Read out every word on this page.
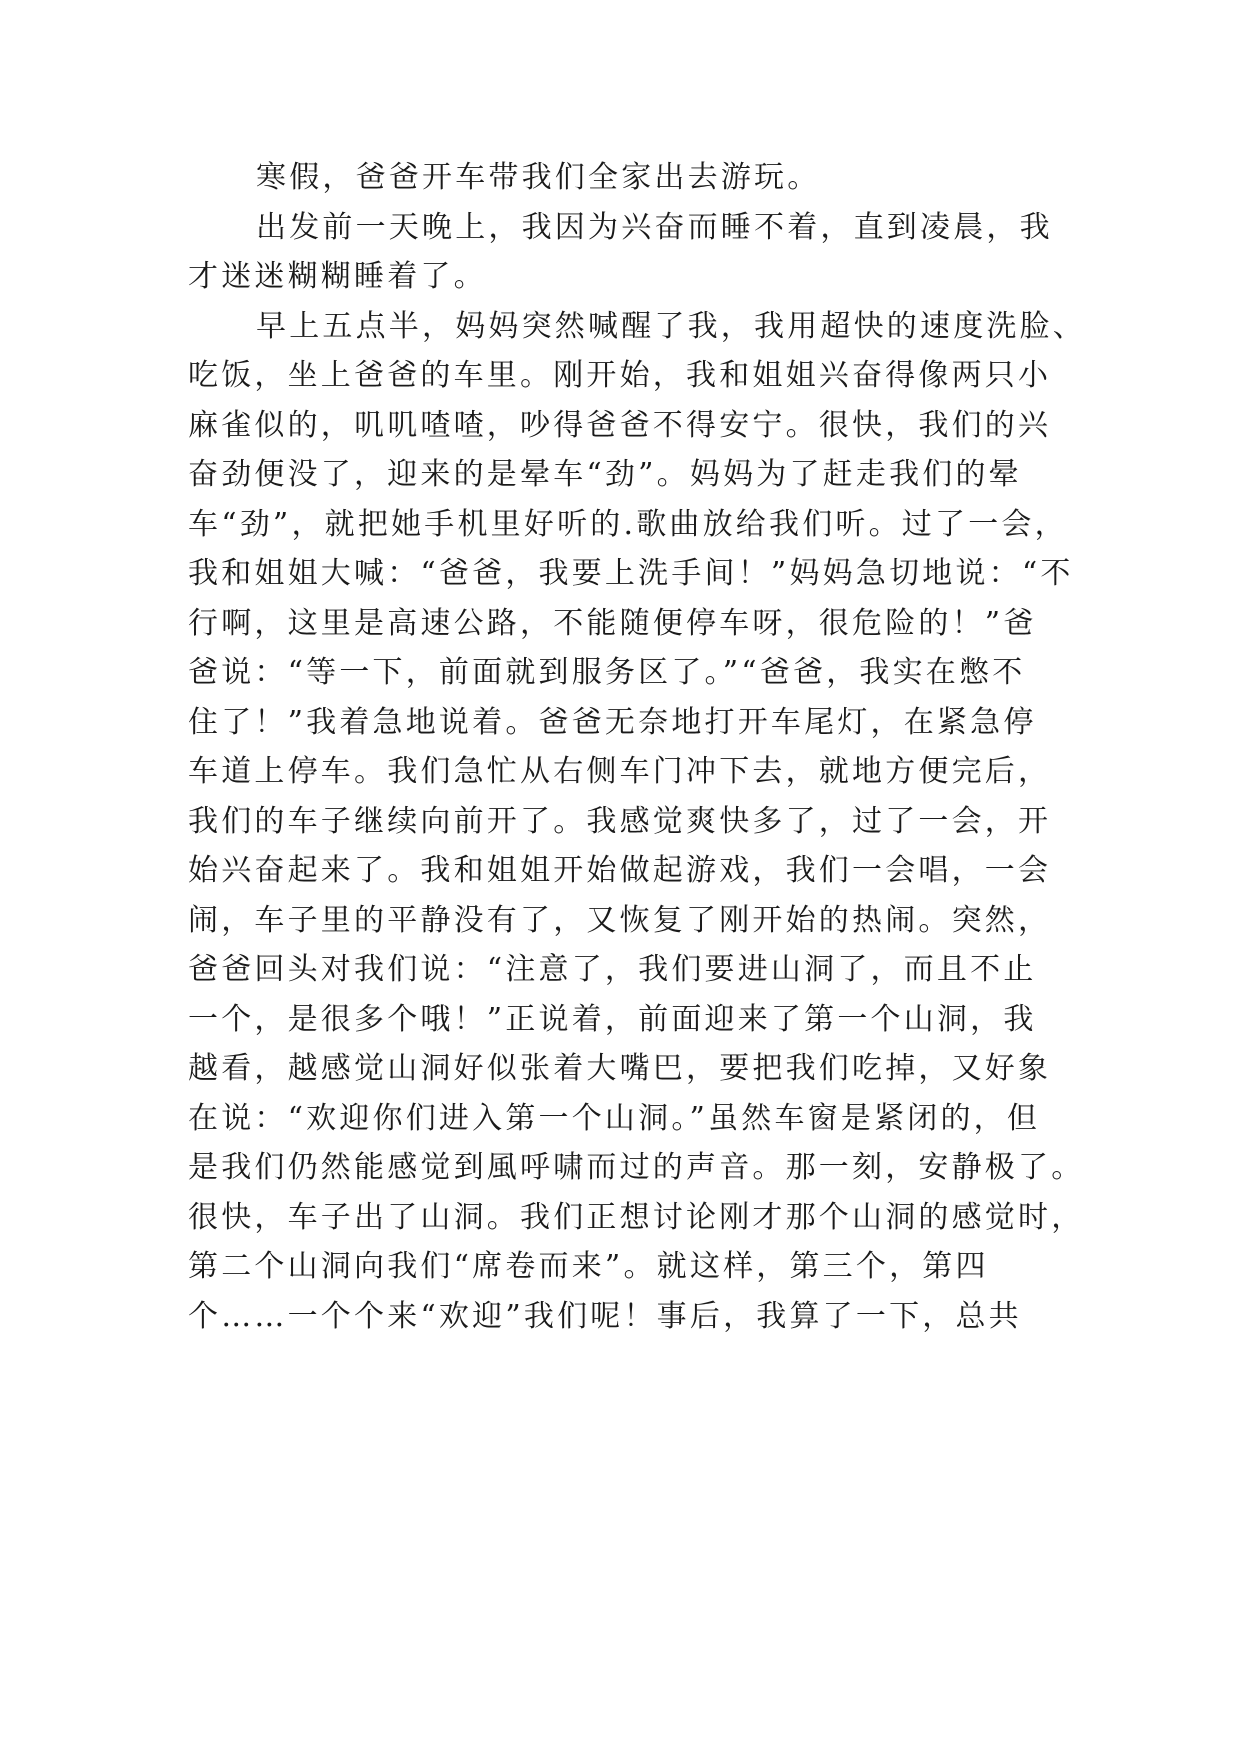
寒假，爸爸开车带我们全家出去游玩。
出发前一天晚上，我因为兴奋而睡不着，直到凌晨，我
才迷迷糊糊睡着了。
早上五点半，妈妈突然喊醒了我，我用超快的速度洗脸、
吃饭，坐上爸爸的车里。刚开始，我和姐姐兴奋得像两只小
麻雀似的，叽叽喳喳，吵得爸爸不得安宁。很快，我们的兴
奋劲便没了，迎来的是晕车“劲”。妈妈为了赶走我们的晕
车“劲”，就把她手机里好听的.歌曲放给我们听。过了一会，
我和姐姐大喊：“爸爸，我要上洗手间！”妈妈急切地说：“不
行啊，这里是高速公路，不能随便停车呀，很危险的！”爸
爸说：“等一下，前面就到服务区了。”“爸爸，我实在憋不
住了！”我着急地说着。爸爸无奈地打开车尾灯，在紧急停
车道上停车。我们急忙从右侧车门冲下去，就地方便完后，
我们的车子继续向前开了。我感觉爽快多了，过了一会，开
始兴奋起来了。我和姐姐开始做起游戏，我们一会唱，一会
闹，车子里的平静没有了，又恢复了刚开始的热闹。突然，
爸爸回头对我们说：“注意了，我们要进山洞了，而且不止
一个，是很多个哦！”正说着，前面迎来了第一个山洞，我
越看，越感觉山洞好似张着大嘴巴，要把我们吃掉，又好象
在说：“欢迎你们进入第一个山洞。”虽然车窗是紧闭的，但
是我们仍然能感觉到風呼啸而过的声音。那一刻，安静极了。
很快，车子出了山洞。我们正想讨论刚才那个山洞的感觉时，
第二个山洞向我们“席卷而来”。就这样，第三个，第四
个……一个个来“欢迎”我们呢！事后，我算了一下，总共
